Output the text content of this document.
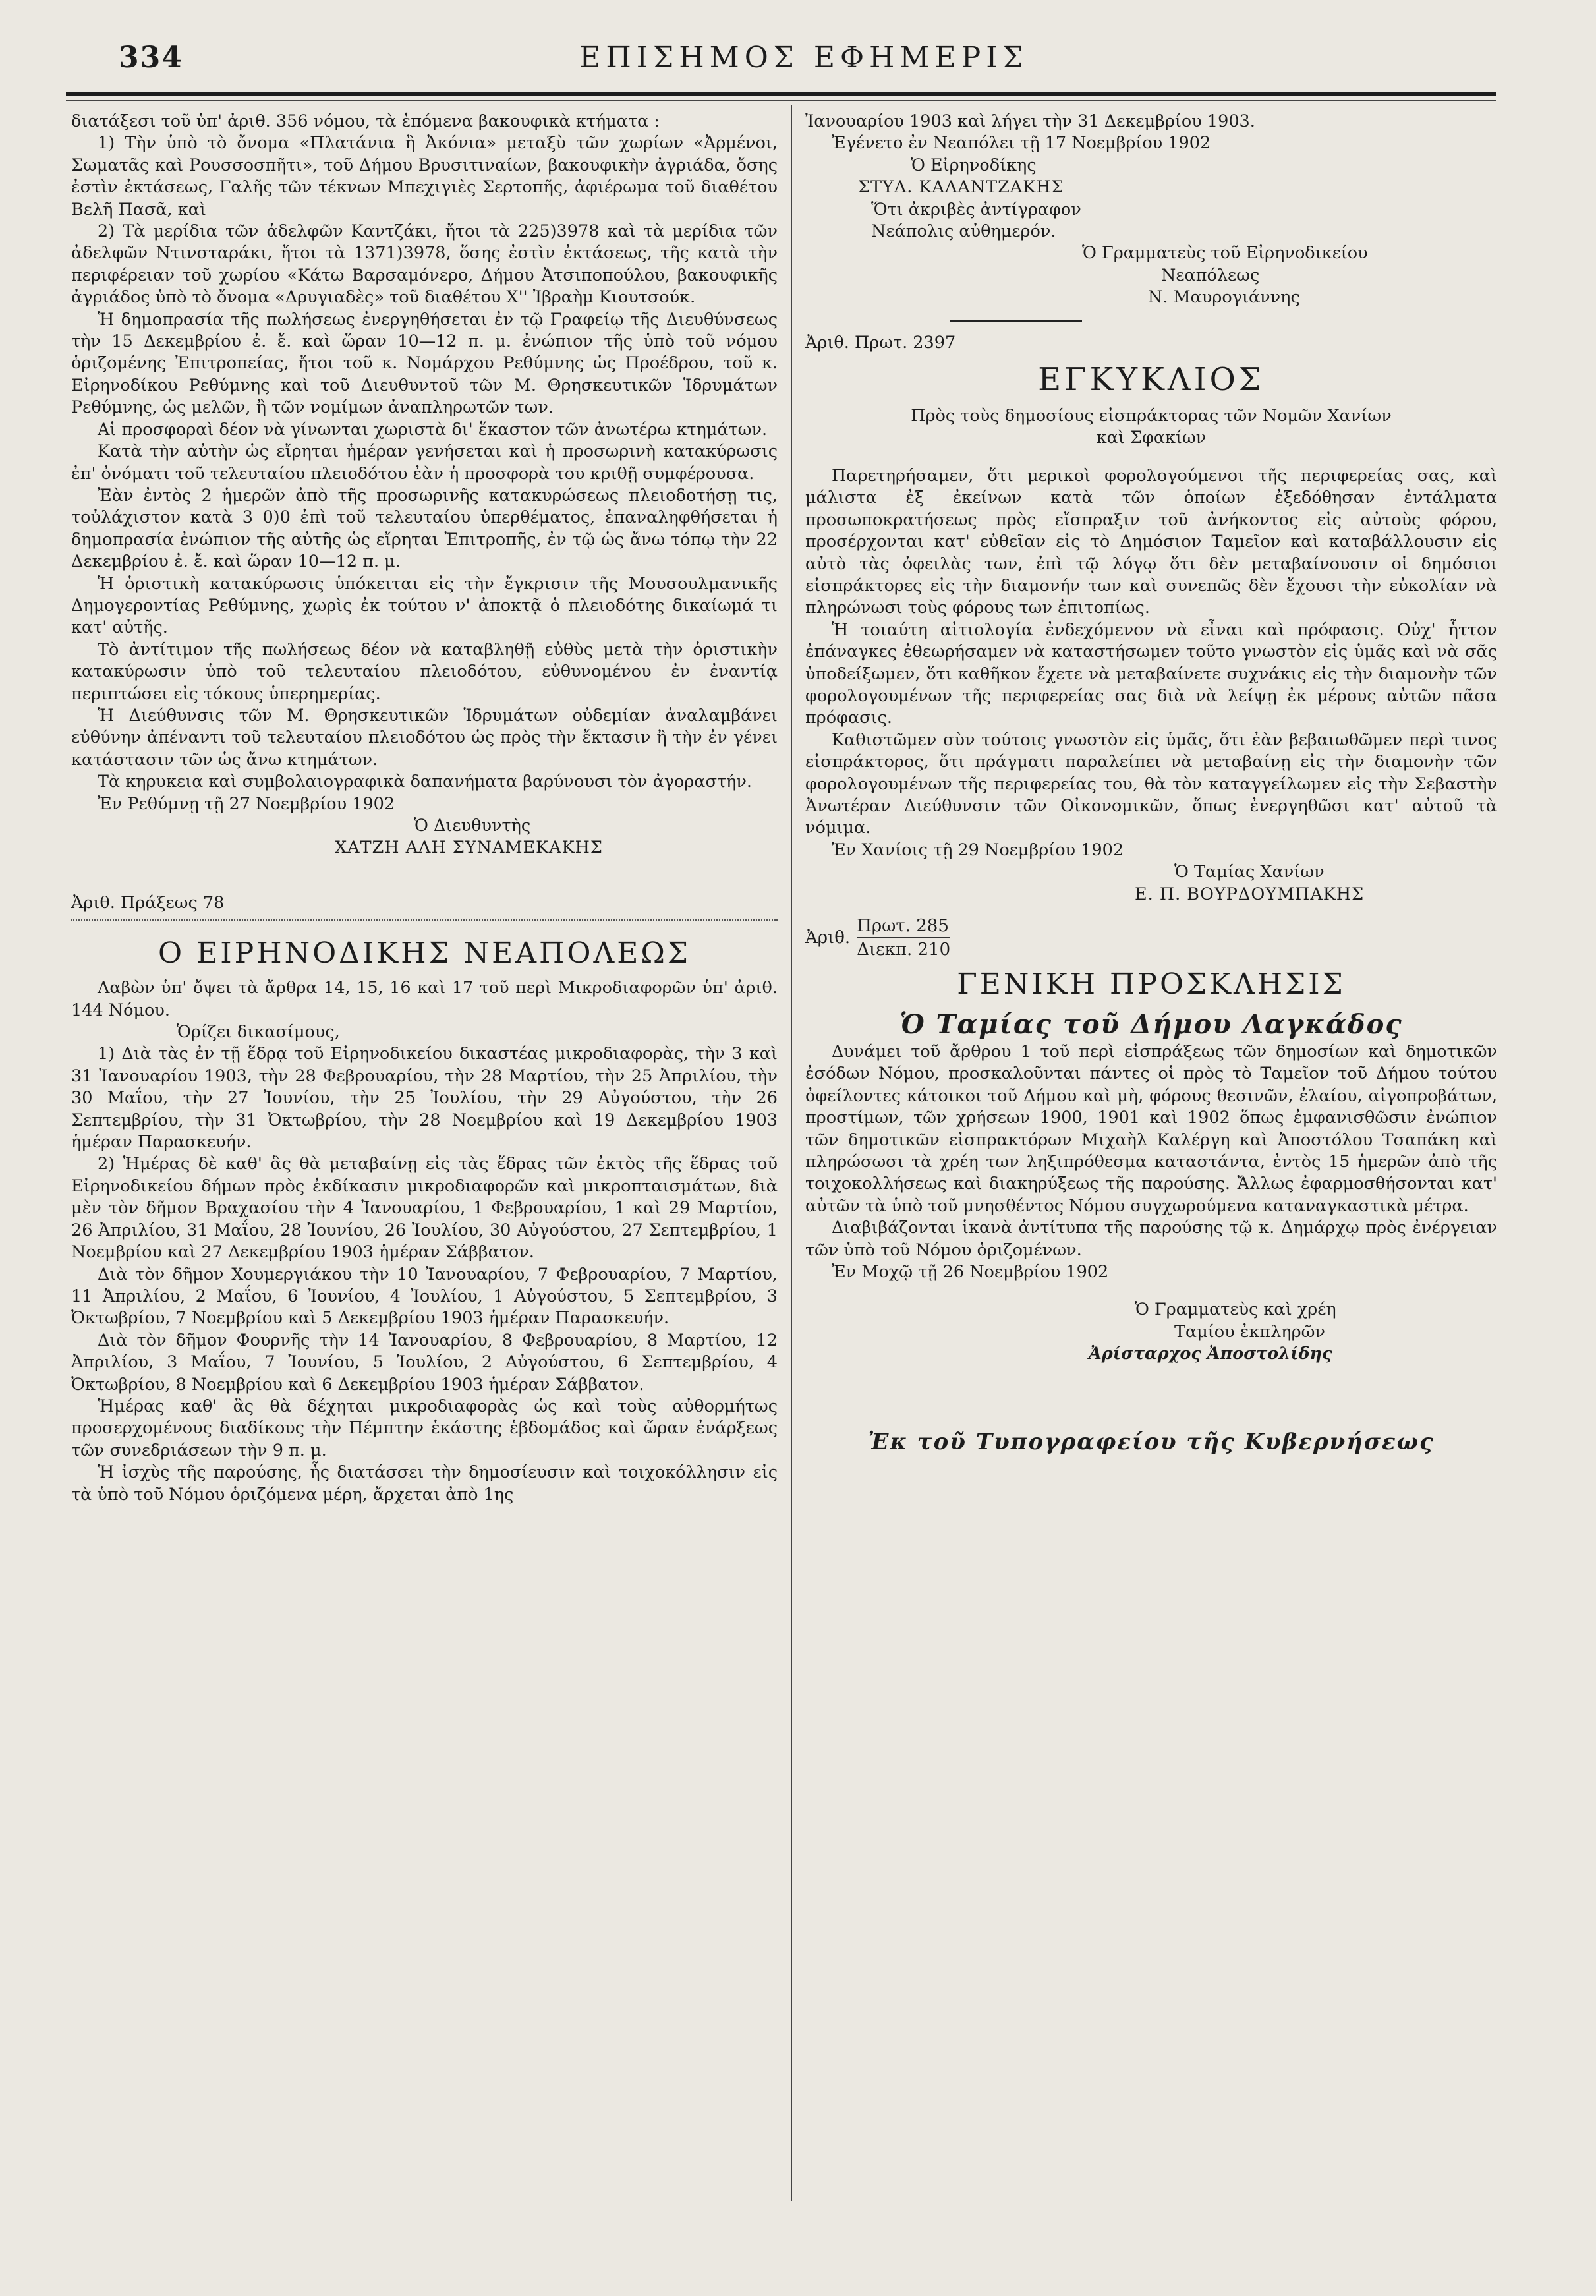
334	ΕΠΙΣΗΜΟΣ ΕΦΗΜΕΡΙΣ

διατάξεσι τοῦ ὑπ' ἀριθ. 356 νόμου, τὰ ἑπόμενα βακουφικὰ κτήματα :

1) Τὴν ὑπὸ τὸ ὄνομα «Πλατάνια ἢ Ἀκόνια» μεταξὺ τῶν χωρίων «Ἀρμένοι, Σωματᾶς καὶ Ρουσσοσπῆτι», τοῦ Δήμου Βρυσιτιναίων, βακουφικὴν ἀγριάδα, ὅσης ἐστὶν ἐκτάσεως, Γαλῆς τῶν τέκνων Μπεχιγιὲς Σερτοπῆς, ἀφιέρωμα τοῦ διαθέτου Βελῆ Πασᾶ, καὶ

2) Τὰ μερίδια τῶν ἀδελφῶν Καντζάκι, ἤτοι τὰ 225)3978 καὶ τὰ μερίδια τῶν ἀδελφῶν Ντινσταράκι, ἤτοι τὰ 1371)3978, ὅσης ἐστὶν ἐκτάσεως, τῆς κατὰ τὴν περιφέρειαν τοῦ χωρίου «Κάτω Βαρσαμόνερο, Δήμου Ἀτσιποπούλου, βακουφικῆς ἀγριάδος ὑπὸ τὸ ὄνομα «Δρυγιαδὲς» τοῦ διαθέτου Χ'' Ἰβραὴμ Κιουτσούκ.

Ἡ δημοπρασία τῆς πωλήσεως ἐνεργηθήσεται ἐν τῷ Γραφείῳ τῆς Διευθύνσεως τὴν 15 Δεκεμβρίου ἐ. ἔ. καὶ ὥραν 10—12 π. μ. ἐνώπιον τῆς ὑπὸ τοῦ νόμου ὁριζομένης Ἐπιτροπείας, ἤτοι τοῦ κ. Νομάρχου Ρεθύμνης ὡς Προέδρου, τοῦ κ. Εἰρηνοδίκου Ρεθύμνης καὶ τοῦ Διευθυντοῦ τῶν Μ. Θρησκευτικῶν Ἱδρυμάτων Ρεθύμνης, ὡς μελῶν, ἢ τῶν νομίμων ἀναπληρωτῶν των.

Αἱ προσφοραὶ δέον νὰ γίνωνται χωριστὰ δι' ἕκαστον τῶν ἀνωτέρω κτημάτων.

Κατὰ τὴν αὐτὴν ὡς εἴρηται ἡμέραν γενήσεται καὶ ἡ προσωρινὴ κατακύρωσις ἐπ' ὀνόματι τοῦ τελευταίου πλειοδότου ἐὰν ἡ προσφορὰ του κριθῇ συμφέρουσα.

Ἐὰν ἐντὸς 2 ἡμερῶν ἀπὸ τῆς προσωρινῆς κατακυρώσεως πλειοδοτήσῃ τις, τοὐλάχιστον κατὰ 3 0)0 ἐπὶ τοῦ τελευταίου ὑπερθέματος, ἐπαναληφθήσεται ἡ δημοπρασία ἐνώπιον τῆς αὐτῆς ὡς εἴρηται Ἐπιτροπῆς, ἐν τῷ ὡς ἄνω τόπῳ τὴν 22 Δεκεμβρίου ἐ. ἔ. καὶ ὥραν 10—12 π. μ.

Ἡ ὁριστικὴ κατακύρωσις ὑπόκειται εἰς τὴν ἔγκρισιν τῆς Μουσουλμανικῆς Δημογεροντίας Ρεθύμνης, χωρὶς ἐκ τούτου ν' ἀποκτᾷ ὁ πλειοδότης δικαίωμά τι κατ' αὐτῆς.

Τὸ ἀντίτιμον τῆς πωλήσεως δέον νὰ καταβληθῇ εὐθὺς μετὰ τὴν ὁριστικὴν κατακύρωσιν ὑπὸ τοῦ τελευταίου πλειοδότου, εὐθυνομένου ἐν ἐναντίᾳ περιπτώσει εἰς τόκους ὑπερημερίας.

Ἡ Διεύθυνσις τῶν Μ. Θρησκευτικῶν Ἱδρυμάτων οὐδεμίαν ἀναλαμβάνει εὐθύνην ἀπέναντι τοῦ τελευταίου πλειοδότου ὡς πρὸς τὴν ἔκτασιν ἢ τὴν ἐν γένει κατάστασιν τῶν ὡς ἄνω κτημάτων.

Τὰ κηρυκεια καὶ συμβολαιογραφικὰ δαπανήματα βαρύνουσι τὸν ἀγοραστήν.

Ἐν Ρεθύμνῃ τῇ 27 Νοεμβρίου 1902

Ὁ Διευθυντὴς

ΧΑΤΖΗ ΑΛΗ ΣΥΝΑΜΕΚΑΚΗΣ

Ἀριθ. Πράξεως 78

Ο ΕΙΡΗΝΟΔΙΚΗΣ ΝΕΑΠΟΛΕΩΣ

Λαβὼν ὑπ' ὄψει τὰ ἄρθρα 14, 15, 16 καὶ 17 τοῦ περὶ Μικροδιαφορῶν ὑπ' ἀριθ. 144 Νόμου.

Ὁρίζει δικασίμους,

1) Διὰ τὰς ἐν τῇ ἕδρᾳ τοῦ Εἰρηνοδικείου δικαστέας μικροδιαφορὰς, τὴν 3 καὶ 31 Ἰανουαρίου 1903, τὴν 28 Φεβρουαρίου, τὴν 28 Μαρτίου, τὴν 25 Ἀπριλίου, τὴν 30 Μαΐου, τὴν 27 Ἰουνίου, τὴν 25 Ἰουλίου, τὴν 29 Αὐγούστου, τὴν 26 Σεπτεμβρίου, τὴν 31 Ὀκτωβρίου, τὴν 28 Νοεμβρίου καὶ 19 Δεκεμβρίου 1903 ἡμέραν Παρασκευήν.

2) Ἡμέρας δὲ καθ' ἃς θὰ μεταβαίνῃ εἰς τὰς ἕδρας τῶν ἐκτὸς τῆς ἕδρας τοῦ Εἰρηνοδικείου δήμων πρὸς ἐκδίκασιν μικροδιαφορῶν καὶ μικροπταισμάτων, διὰ μὲν τὸν δῆμον Βραχασίου τὴν 4 Ἰανουαρίου, 1 Φεβρουαρίου, 1 καὶ 29 Μαρτίου, 26 Ἀπριλίου, 31 Μαΐου, 28 Ἰουνίου, 26 Ἰουλίου, 30 Αὐγούστου, 27 Σεπτεμβρίου, 1 Νοεμβρίου καὶ 27 Δεκεμβρίου 1903 ἡμέραν Σάββατον.

Διὰ τὸν δῆμον Χουμεργιάκου τὴν 10 Ἰανουαρίου, 7 Φεβρουαρίου, 7 Μαρτίου, 11 Ἀπριλίου, 2 Μαΐου, 6 Ἰουνίου, 4 Ἰουλίου, 1 Αὐγούστου, 5 Σεπτεμβρίου, 3 Ὀκτωβρίου, 7 Νοεμβρίου καὶ 5 Δεκεμβρίου 1903 ἡμέραν Παρασκευήν.

Διὰ τὸν δῆμον Φουρνῆς τὴν 14 Ἰανουαρίου, 8 Φεβρουαρίου, 8 Μαρτίου, 12 Ἀπριλίου, 3 Μαΐου, 7 Ἰουνίου, 5 Ἰουλίου, 2 Αὐγούστου, 6 Σεπτεμβρίου, 4 Ὀκτωβρίου, 8 Νοεμβρίου καὶ 6 Δεκεμβρίου 1903 ἡμέραν Σάββατον.

Ἡμέρας καθ' ἃς θὰ δέχηται μικροδιαφορὰς ὡς καὶ τοὺς αὐθορμήτως προσερχομένους διαδίκους τὴν Πέμπτην ἑκάστης ἑβδομάδος καὶ ὥραν ἐνάρξεως τῶν συνεδριάσεων τὴν 9 π. μ.

Ἡ ἰσχὺς τῆς παρούσης, ἧς διατάσσει τὴν δημοσίευσιν καὶ τοιχοκόλλησιν εἰς τὰ ὑπὸ τοῦ Νόμου ὁριζόμενα μέρη, ἄρχεται ἀπὸ 1ης

Ἰανουαρίου 1903 καὶ λήγει τὴν 31 Δεκεμβρίου 1903.

Ἐγένετο ἐν Νεαπόλει τῇ 17 Νοεμβρίου 1902

Ὁ Εἰρηνοδίκης

ΣΤΥΛ. ΚΑΛΑΝΤΖΑΚΗΣ

Ὅτι ἀκριβὲς ἀντίγραφον

Νεάπολις αὐθημερόν.

Ὁ Γραμματεὺς τοῦ Εἰρηνοδικείου

Νεαπόλεως

Ν. Μαυρογιάννης

Ἀριθ. Πρωτ. 2397

ΕΓΚΥΚΛΙΟΣ

Πρὸς τοὺς δημοσίους εἰσπράκτορας τῶν Νομῶν Χανίων

καὶ Σφακίων

Παρετηρήσαμεν, ὅτι μερικοὶ φορολογούμενοι τῆς περιφερείας σας, καὶ μάλιστα ἐξ ἐκείνων κατὰ τῶν ὁποίων ἐξεδόθησαν ἐντάλματα προσωποκρατήσεως πρὸς εἴσπραξιν τοῦ ἀνήκοντος εἰς αὐτοὺς φόρου, προσέρχονται κατ' εὐθεῖαν εἰς τὸ Δημόσιον Ταμεῖον καὶ καταβάλλουσιν εἰς αὐτὸ τὰς ὀφειλὰς των, ἐπὶ τῷ λόγῳ ὅτι δὲν μεταβαίνουσιν οἱ δημόσιοι εἰσπράκτορες εἰς τὴν διαμονήν των καὶ συνεπῶς δὲν ἔχουσι τὴν εὐκολίαν νὰ πληρώνωσι τοὺς φόρους των ἐπιτοπίως.

Ἡ τοιαύτη αἰτιολογία ἐνδεχόμενον νὰ εἶναι καὶ πρόφασις. Οὐχ' ἧττον ἐπάναγκες ἐθεωρήσαμεν νὰ καταστήσωμεν τοῦτο γνωστὸν εἰς ὑμᾶς καὶ νὰ σᾶς ὑποδείξωμεν, ὅτι καθῆκον ἔχετε νὰ μεταβαίνετε συχνάκις εἰς τὴν διαμονὴν τῶν φορολογουμένων τῆς περιφερείας σας διὰ νὰ λείψῃ ἐκ μέρους αὐτῶν πᾶσα πρόφασις.

Καθιστῶμεν σὺν τούτοις γνωστὸν εἰς ὑμᾶς, ὅτι ἐὰν βεβαιωθῶμεν περὶ τινος εἰσπράκτορος, ὅτι πράγματι παραλείπει νὰ μεταβαίνῃ εἰς τὴν διαμονὴν τῶν φορολογουμένων τῆς περιφερείας του, θὰ τὸν καταγγείλωμεν εἰς τὴν Σεβαστὴν Ἀνωτέραν Διεύθυνσιν τῶν Οἰκονομικῶν, ὅπως ἐνεργηθῶσι κατ' αὐτοῦ τὰ νόμιμα.

Ἐν Χανίοις τῇ 29 Νοεμβρίου 1902

Ὁ Ταμίας Χανίων

Ε. Π. ΒΟΥΡΔΟΥΜΠΑΚΗΣ

Ἀριθ.
Πρωτ. 285
Διεκπ. 210
ΓΕΝΙΚΗ ΠΡΟΣΚΛΗΣΙΣ
Ὁ Ταμίας τοῦ Δήμου Λαγκάδος

Δυνάμει τοῦ ἄρθρου 1 τοῦ περὶ εἰσπράξεως τῶν δημοσίων καὶ δημοτικῶν ἐσόδων Νόμου, προσκαλοῦνται πάντες οἱ πρὸς τὸ Ταμεῖον τοῦ Δήμου τούτου ὀφείλοντες κάτοικοι τοῦ Δήμου καὶ μὴ, φόρους θεσινῶν, ἐλαίου, αἰγοπροβάτων, προστίμων, τῶν χρήσεων 1900, 1901 καὶ 1902 ὅπως ἐμφανισθῶσιν ἐνώπιον τῶν δημοτικῶν εἰσπρακτόρων Μιχαὴλ Καλέργη καὶ Ἀποστόλου Τσαπάκη καὶ πληρώσωσι τὰ χρέη των ληξιπρόθεσμα καταστάντα, ἐντὸς 15 ἡμερῶν ἀπὸ τῆς τοιχοκολλήσεως καὶ διακηρύξεως τῆς παρούσης. Ἄλλως ἐφαρμοσθήσονται κατ' αὐτῶν τὰ ὑπὸ τοῦ μνησθέντος Νόμου συγχωρούμενα καταναγκαστικὰ μέτρα.

Διαβιβάζονται ἱκανὰ ἀντίτυπα τῆς παρούσης τῷ κ. Δημάρχῳ πρὸς ἐνέργειαν τῶν ὑπὸ τοῦ Νόμου ὁριζομένων.

Ἐν Μοχῷ τῇ 26 Νοεμβρίου 1902

Ὁ Γραμματεὺς καὶ χρέη

Ταμίου ἐκπληρῶν

Ἀρίσταρχος Ἀποστολίδης

Ἐκ τοῦ Τυπογραφείου τῆς Κυβερνήσεως
